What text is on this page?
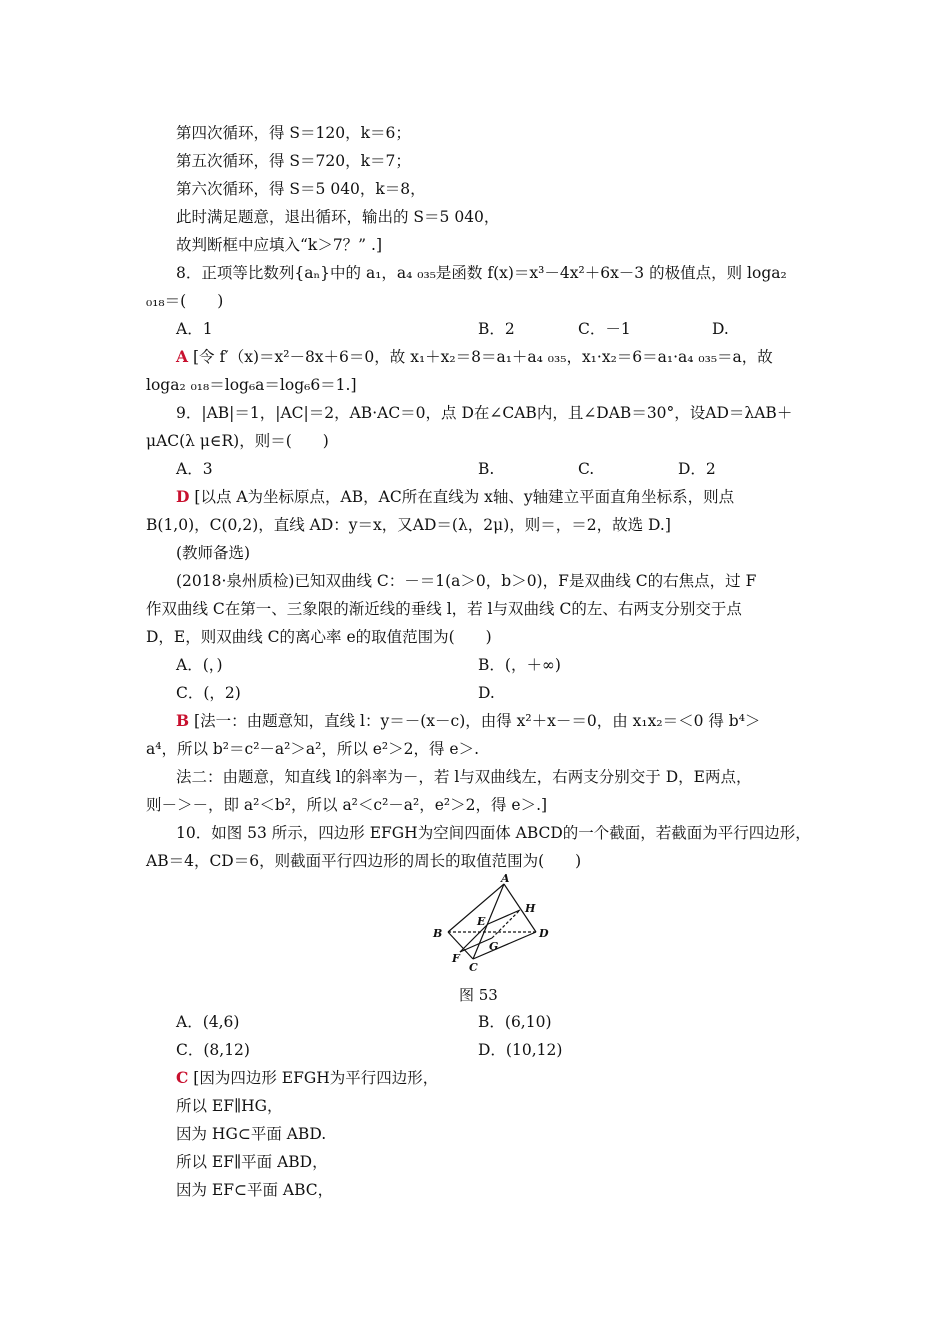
第四次循环，得 S＝120，k＝6；
第五次循环，得 S＝720，k＝7；
第六次循环，得 S＝5 040，k＝8，
此时满足题意，退出循环，输出的 S＝5 040，
故判断框中应填入“k＞7？” .]
8．正项等比数列{aₙ}中的 a₁，a₄ ₀₃₅是函数 f(x)＝x³－4x²＋6x－3 的极值点，则 loga₂
₀₁₈＝(　　)
A．1	B．2	C．－1	D.
A [令 f′（x)＝x²－8x＋6＝0，故 x₁＋x₂＝8＝a₁＋a₄ ₀₃₅，x₁·x₂＝6＝a₁·a₄ ₀₃₅＝a，故
loga₂ ₀₁₈＝log₆a＝log₆6＝1.]
9．|AB|＝1，|AC|＝2，AB·AC＝0，点 D在∠CAB内，且∠DAB＝30°，设AD＝λAB＋
μAC(λ μ∈R)，则＝(　　)
A．3	B.	C.	D．2
D [以点 A为坐标原点，AB，AC所在直线为 x轴、y轴建立平面直角坐标系，则点
B(1,0)，C(0,2)，直线 AD：y＝x，又AD＝(λ，2μ)，则＝，＝2，故选 D.]
(教师备选)
(2018·泉州质检)已知双曲线 C：－＝1(a＞0，b＞0)，F是双曲线 C的右焦点，过 F
作双曲线 C在第一、三象限的渐近线的垂线 l，若 l与双曲线 C的左、右两支分别交于点
D，E，则双曲线 C的离心率 e的取值范围为(　　)
A．(，)	B．(，＋∞)
C．(，2)	D.
B [法一：由题意知，直线 l：y＝－(x－c)，由得 x²＋x－＝0，由 x₁x₂＝＜0 得 b⁴＞
a⁴，所以 b²＝c²－a²＞a²，所以 e²＞2，得 e＞.
法二：由题意，知直线 l的斜率为－，若 l与双曲线左，右两支分别交于 D，E两点，
则－＞－，即 a²＜b²，所以 a²＜c²－a²，e²＞2，得 e＞.]
10．如图 53 所示，四边形 EFGH为空间四面体 ABCD的一个截面，若截面为平行四边形，
AB＝4，CD＝6，则截面平行四边形的周长的取值范围为(　　)
A
B
C
D
E
F
G
H
图 53
A．(4,6)	B．(6,10)
C．(8,12)	D．(10,12)
C [因为四边形 EFGH为平行四边形，
所以 EF∥HG，
因为 HG⊂平面 ABD.
所以 EF∥平面 ABD，
因为 EF⊂平面 ABC，
